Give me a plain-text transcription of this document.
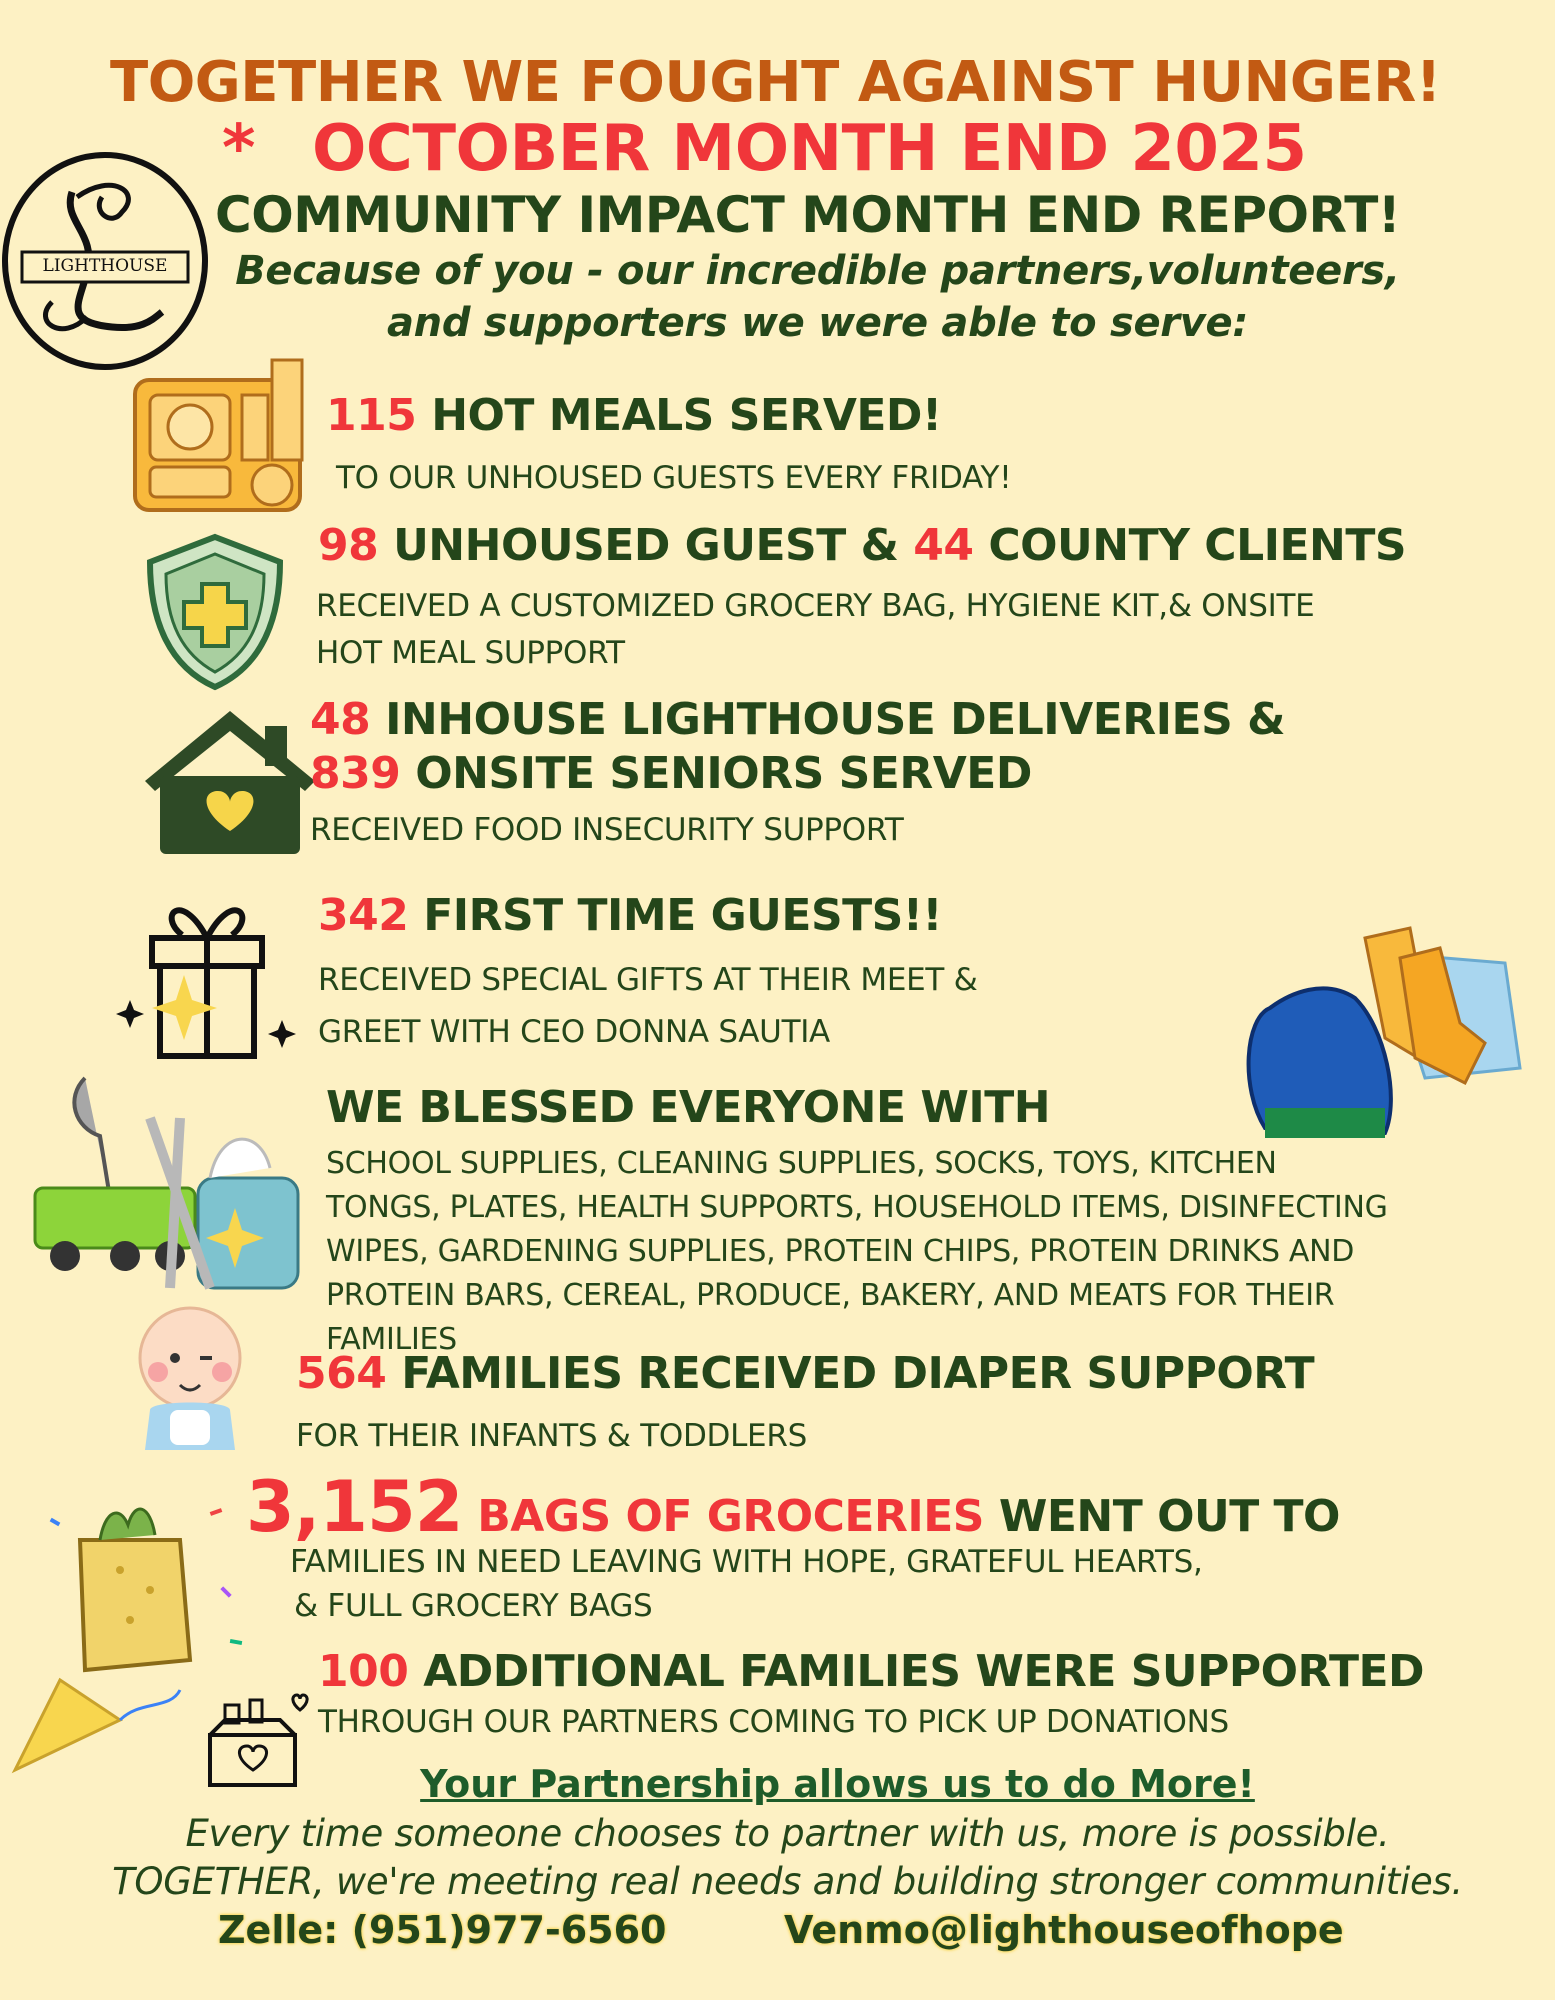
TOGETHER WE FOUGHT AGAINST HUNGER!
* OCTOBER MONTH END 2025
COMMUNITY IMPACT MONTH END REPORT!
Because of you - our incredible partners,volunteers,
and supporters we were able to serve:
LIGHTHOUSE
115 HOT MEALS SERVED!
TO OUR UNHOUSED GUESTS EVERY FRIDAY!
98 UNHOUSED GUEST & 44 COUNTY CLIENTS
RECEIVED A CUSTOMIZED GROCERY BAG, HYGIENE KIT,& ONSITE
HOT MEAL SUPPORT
48 INHOUSE LIGHTHOUSE DELIVERIES &
839 ONSITE SENIORS SERVED
RECEIVED FOOD INSECURITY SUPPORT
342 FIRST TIME GUESTS!!
RECEIVED SPECIAL GIFTS AT THEIR MEET &
GREET WITH CEO DONNA SAUTIA
WE BLESSED EVERYONE WITH
SCHOOL SUPPLIES, CLEANING SUPPLIES, SOCKS, TOYS, KITCHEN
TONGS, PLATES, HEALTH SUPPORTS, HOUSEHOLD ITEMS, DISINFECTING
WIPES, GARDENING SUPPLIES, PROTEIN CHIPS, PROTEIN DRINKS AND
PROTEIN BARS, CEREAL, PRODUCE, BAKERY, AND MEATS FOR THEIR
FAMILIES
564 FAMILIES RECEIVED DIAPER SUPPORT
FOR THEIR INFANTS & TODDLERS
3,152 BAGS OF GROCERIES WENT OUT TO
FAMILIES IN NEED LEAVING WITH HOPE, GRATEFUL HEARTS,
& FULL GROCERY BAGS
100 ADDITIONAL FAMILIES WERE SUPPORTED
THROUGH OUR PARTNERS COMING TO PICK UP DONATIONS
Your Partnership allows us to do More!
Every time someone chooses to partner with us, more is possible.
TOGETHER, we're meeting real needs and building stronger communities.
Zelle: (951)977-6560	Venmo@lighthouseofhope
